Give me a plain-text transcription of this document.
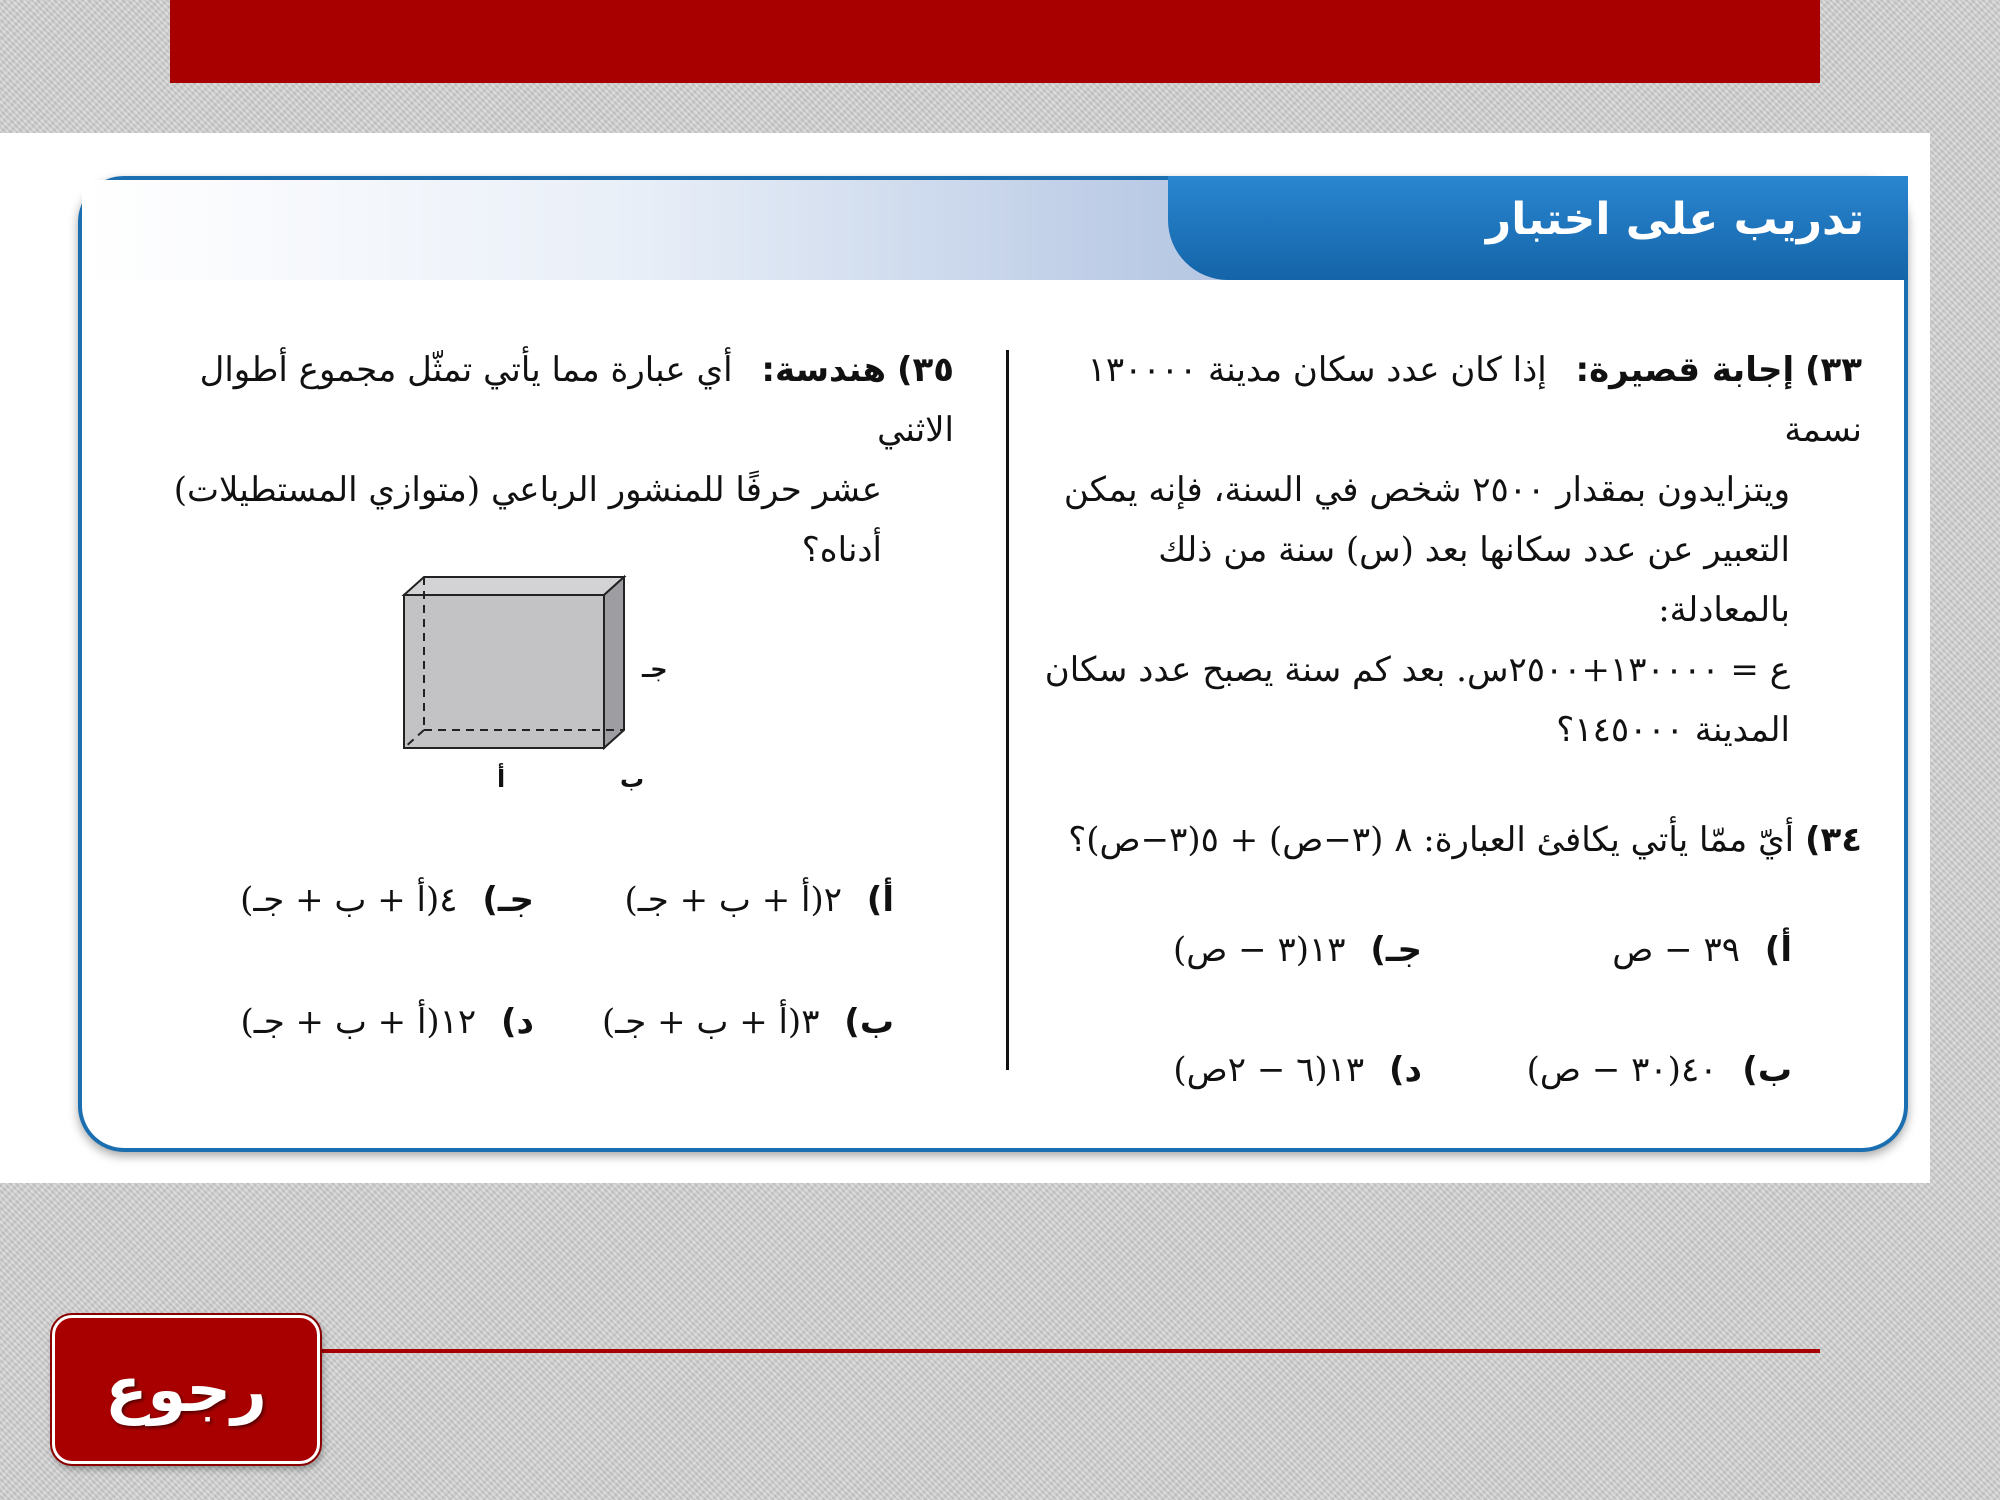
تدريب على اختبار
٣٣) إجابة قصيرة: إذا كان عدد سكان مدينة ١٣٠٠٠٠ نسمة
ويتزايدون بمقدار ٢٥٠٠ شخص في السنة، فإنه يمكن
التعبير عن عدد سكانها بعد (س) سنة من ذلك بالمعادلة:
ع = ١٣٠٠٠٠+٢٥٠٠س. بعد كم سنة يصبح عدد سكان
المدينة ١٤٥٠٠٠؟
٣٤) أيّ ممّا يأتي يكافئ العبارة: ٨ (٣−ص) + ٥(٣−ص)؟
أ) ٣٩ − ص
جـ) ١٣(٣ − ص)
ب) ٤٠(٣٠ − ص)
د) ١٣(٦ − ٢ص)
٣٥) هندسة: أي عبارة مما يأتي تمثّل مجموع أطوال الاثني
عشر حرفًا للمنشور الرباعي (متوازي المستطيلات)
أدناه؟
جـ
أ	ب
أ) ٢(أ + ب + جـ)
جـ) ٤(أ + ب + جـ)
ب) ٣(أ + ب + جـ)
د) ١٢(أ + ب + جـ)
رجوع
